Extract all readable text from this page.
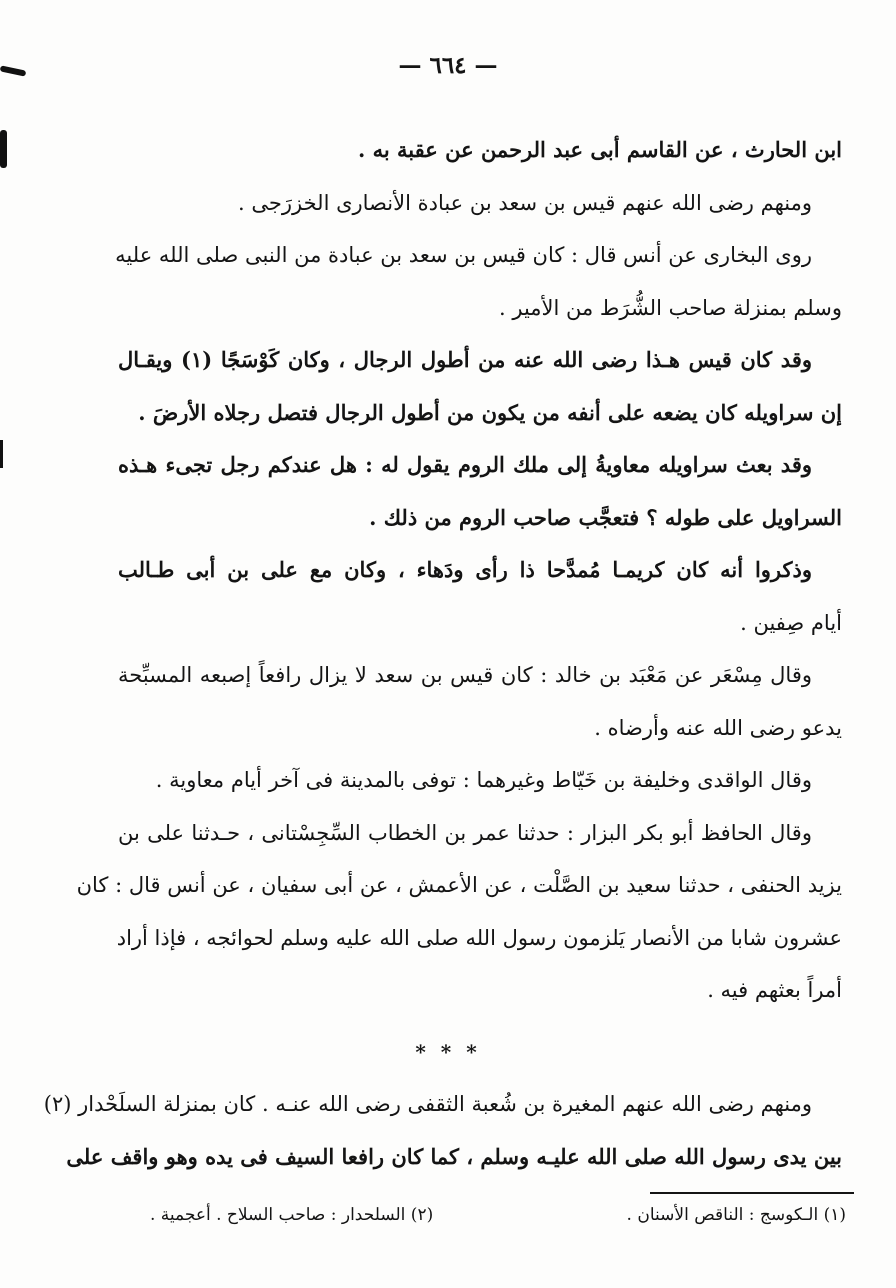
— ٦٦٤ —
ابن الحارث ، عن القاسم أبى عبد الرحمن عن عقبة به .
ومنهم رضى الله عنهم قيس بن سعد بن عبادة الأنصارى الخزرَجى .
روى البخارى عن أنس قال : كان قيس بن سعد بن عبادة من النبى صلى الله عليه
وسلم بمنزلة صاحب الشُّرَط من الأمير .
وقد كان قيس هـذا رضى الله عنه من أطول الرجال ، وكان كَوْسَجًا (١) ويقـال
إن سراويله كان يضعه على أنفه من يكون من أطول الرجال فتصل رجلاه الأرضَ .
وقد بعث سراويله معاويةُ إلى ملك الروم يقول له : هل عندكم رجل تجىء هـذه
السراويل على طوله ؟ فتعجَّب صاحب الروم من ذلك .
وذكروا أنه كان كريمـا مُمدَّحا ذا رأى ودَهاء ، وكان مع على بن أبى طـالب
أيام صِفين .
وقال مِسْعَر عن مَعْبَد بن خالد : كان قيس بن سعد لا يزال رافعاً إصبعه المسبِّحة
يدعو رضى الله عنه وأرضاه .
وقال الواقدى وخليفة بن خَيّاط وغيرهما : توفى بالمدينة فى آخر أيام معاوية .
وقال الحافظ أبو بكر البزار : حدثنا عمر بن الخطاب السِّجِسْتانى ، حـدثنا على بن
يزيد الحنفى ، حدثنا سعيد بن الصَّلْت ، عن الأعمش ، عن أبى سفيان ، عن أنس قال : كان
عشرون شابا من الأنصار يَلزمون رسول الله صلى الله عليه وسلم لحوائجه ، فإذا أراد
أمراً بعثهم فيه .
* * *
ومنهم رضى الله عنهم المغيرة بن شُعبة الثقفى رضى الله عنـه . كان بمنزلة السلَحْدار (٢)
بين يدى رسول الله صلى الله عليـه وسلم ، كما كان رافعا السيف فى يده وهو واقف على
(١) الـكوسج : الناقص الأسنان .
(٢) السلحدار : صاحب السلاح . أعجمية .
